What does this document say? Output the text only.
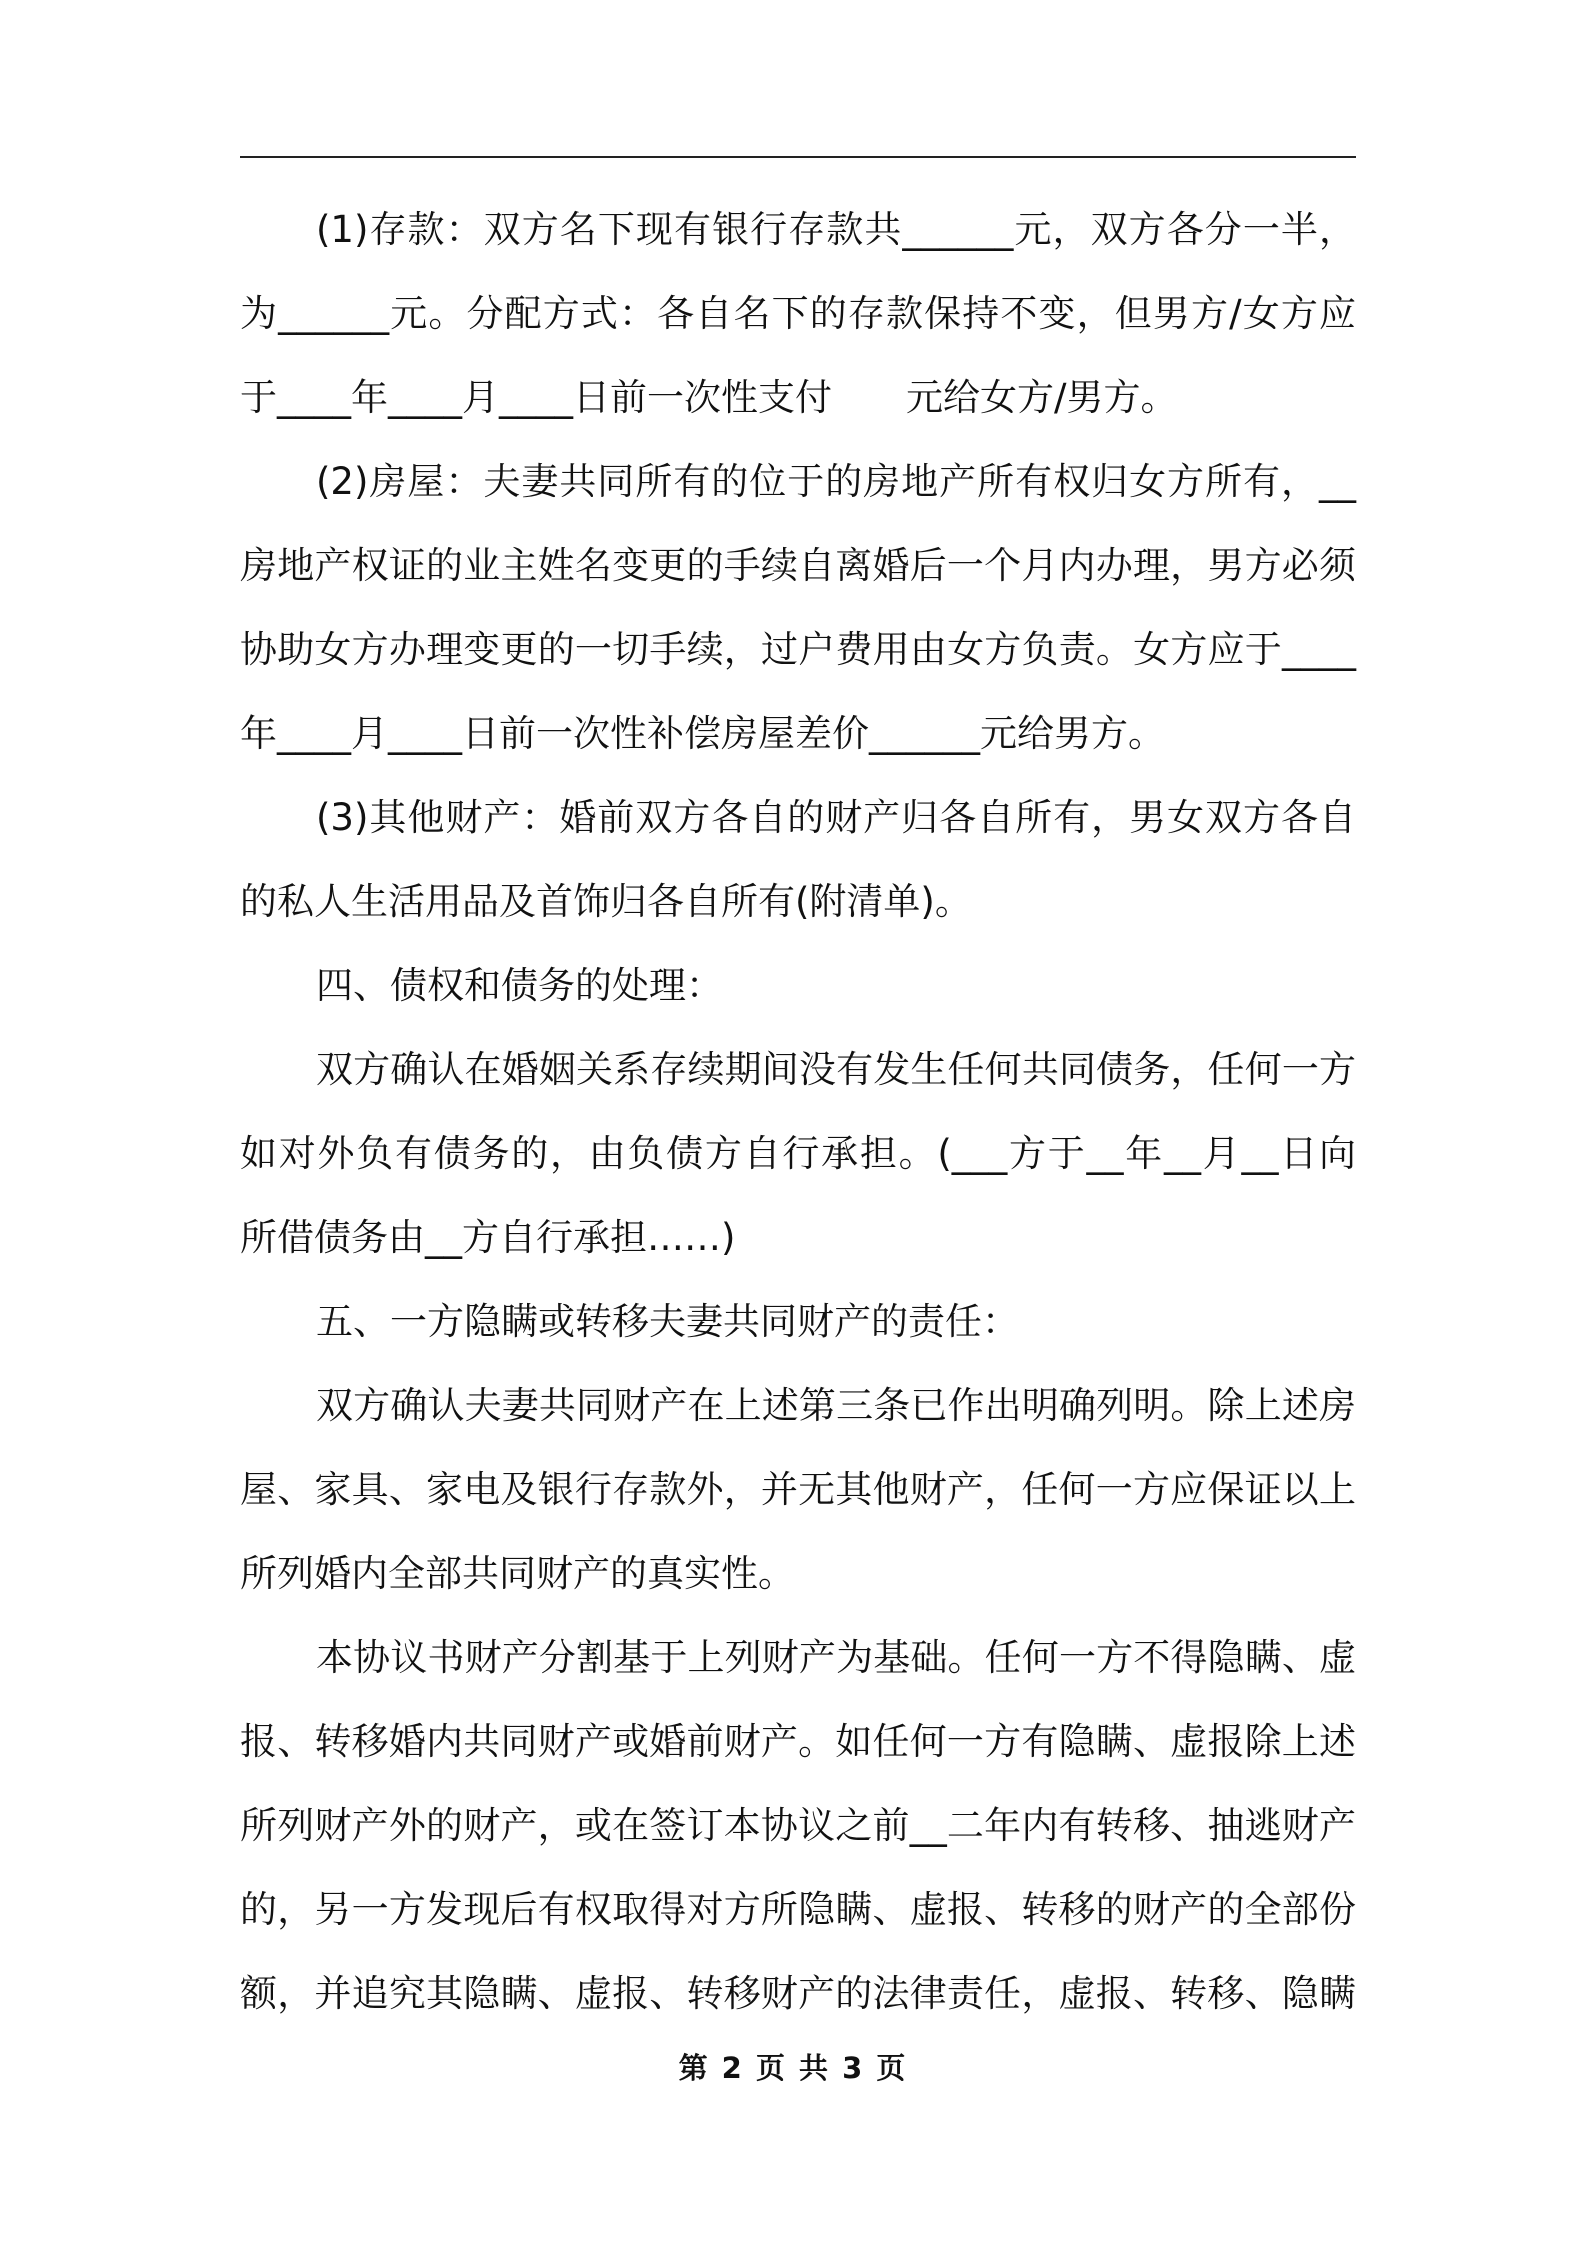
(1)存款：双方名下现有银行存款共______元，双方各分一半，
为______元。分配方式：各自名下的存款保持不变，但男方/女方应
于____年____月____日前一次性支付　　元给女方/男方。
(2)房屋：夫妻共同所有的位于的房地产所有权归女方所有，__
房地产权证的业主姓名变更的手续自离婚后一个月内办理，男方必须
协助女方办理变更的一切手续，过户费用由女方负责。女方应于____
年____月____日前一次性补偿房屋差价______元给男方。
(3)其他财产：婚前双方各自的财产归各自所有，男女双方各自
的私人生活用品及首饰归各自所有(附清单)。
四、债权和债务的处理：
双方确认在婚姻关系存续期间没有发生任何共同债务，任何一方
如对外负有债务的，由负债方自行承担。(___方于__年__月__日向
所借债务由__方自行承担……)
五、一方隐瞒或转移夫妻共同财产的责任：
双方确认夫妻共同财产在上述第三条已作出明确列明。除上述房
屋、家具、家电及银行存款外，并无其他财产，任何一方应保证以上
所列婚内全部共同财产的真实性。
本协议书财产分割基于上列财产为基础。任何一方不得隐瞒、虚
报、转移婚内共同财产或婚前财产。如任何一方有隐瞒、虚报除上述
所列财产外的财产，或在签订本协议之前__二年内有转移、抽逃财产
的，另一方发现后有权取得对方所隐瞒、虚报、转移的财产的全部份
额，并追究其隐瞒、虚报、转移财产的法律责任，虚报、转移、隐瞒
第 2 页 共 3 页
